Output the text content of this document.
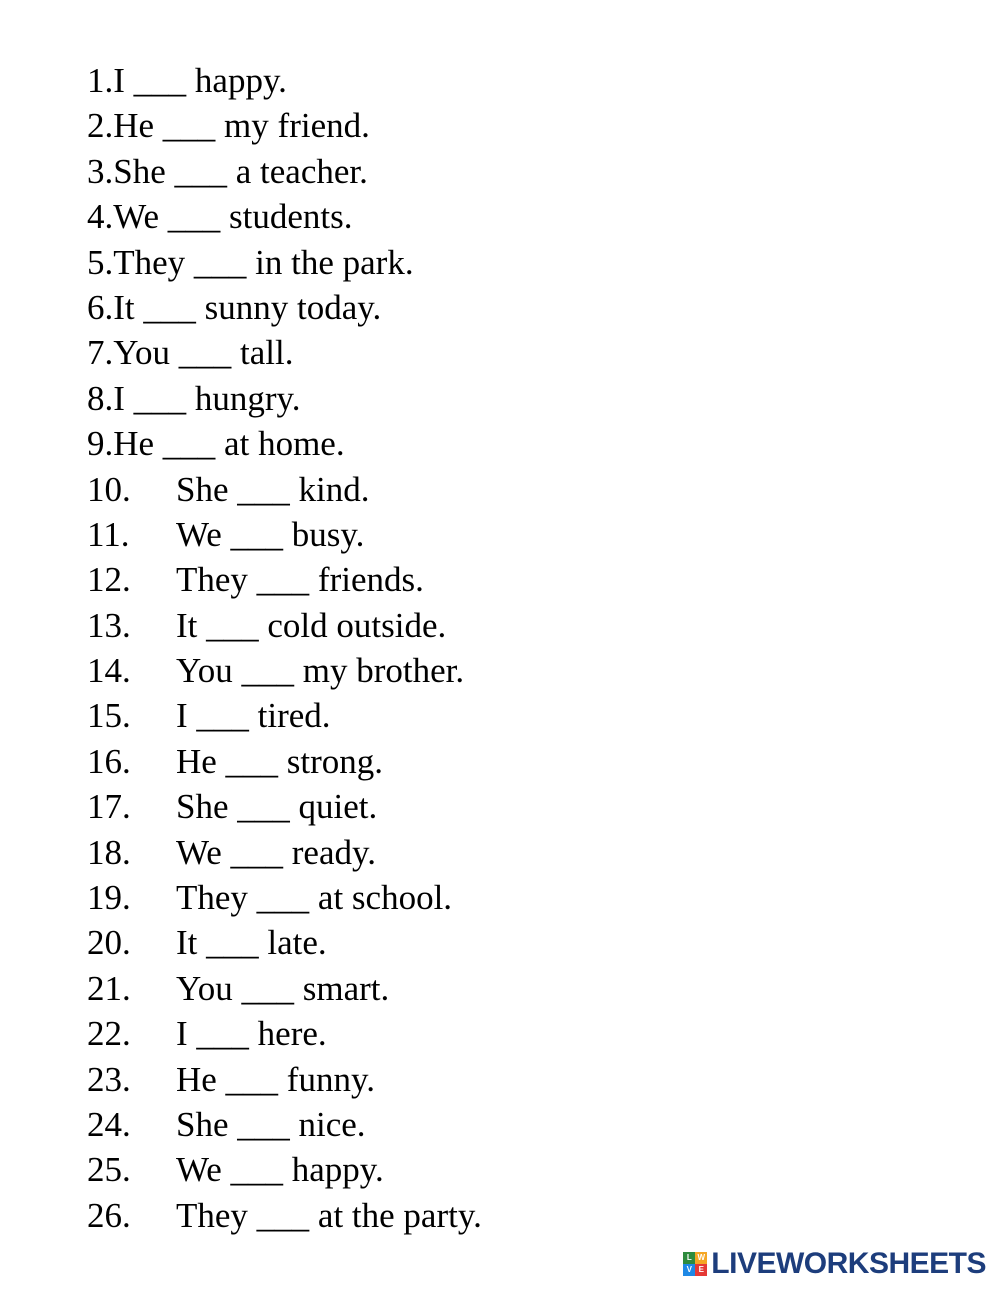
1. I ___ happy.
2. He ___ my friend.
3. She ___ a teacher.
4. We ___ students.
5. They ___ in the park.
6. It ___ sunny today.
7. You ___ tall.
8. I ___ hungry.
9. He ___ at home.
10.	She ___ kind.
11.	We ___ busy.
12.	They ___ friends.
13.	It ___ cold outside.
14.	You ___ my brother.
15.	I ___ tired.
16.	He ___ strong.
17.	She ___ quiet.
18.	We ___ ready.
19.	They ___ at school.
20.	It ___ late.
21.	You ___ smart.
22.	I ___ here.
23.	He ___ funny.
24.	She ___ nice.
25.	We ___ happy.
26.	They ___ at the party.
L W
V E LIVEWORKSHEETS
